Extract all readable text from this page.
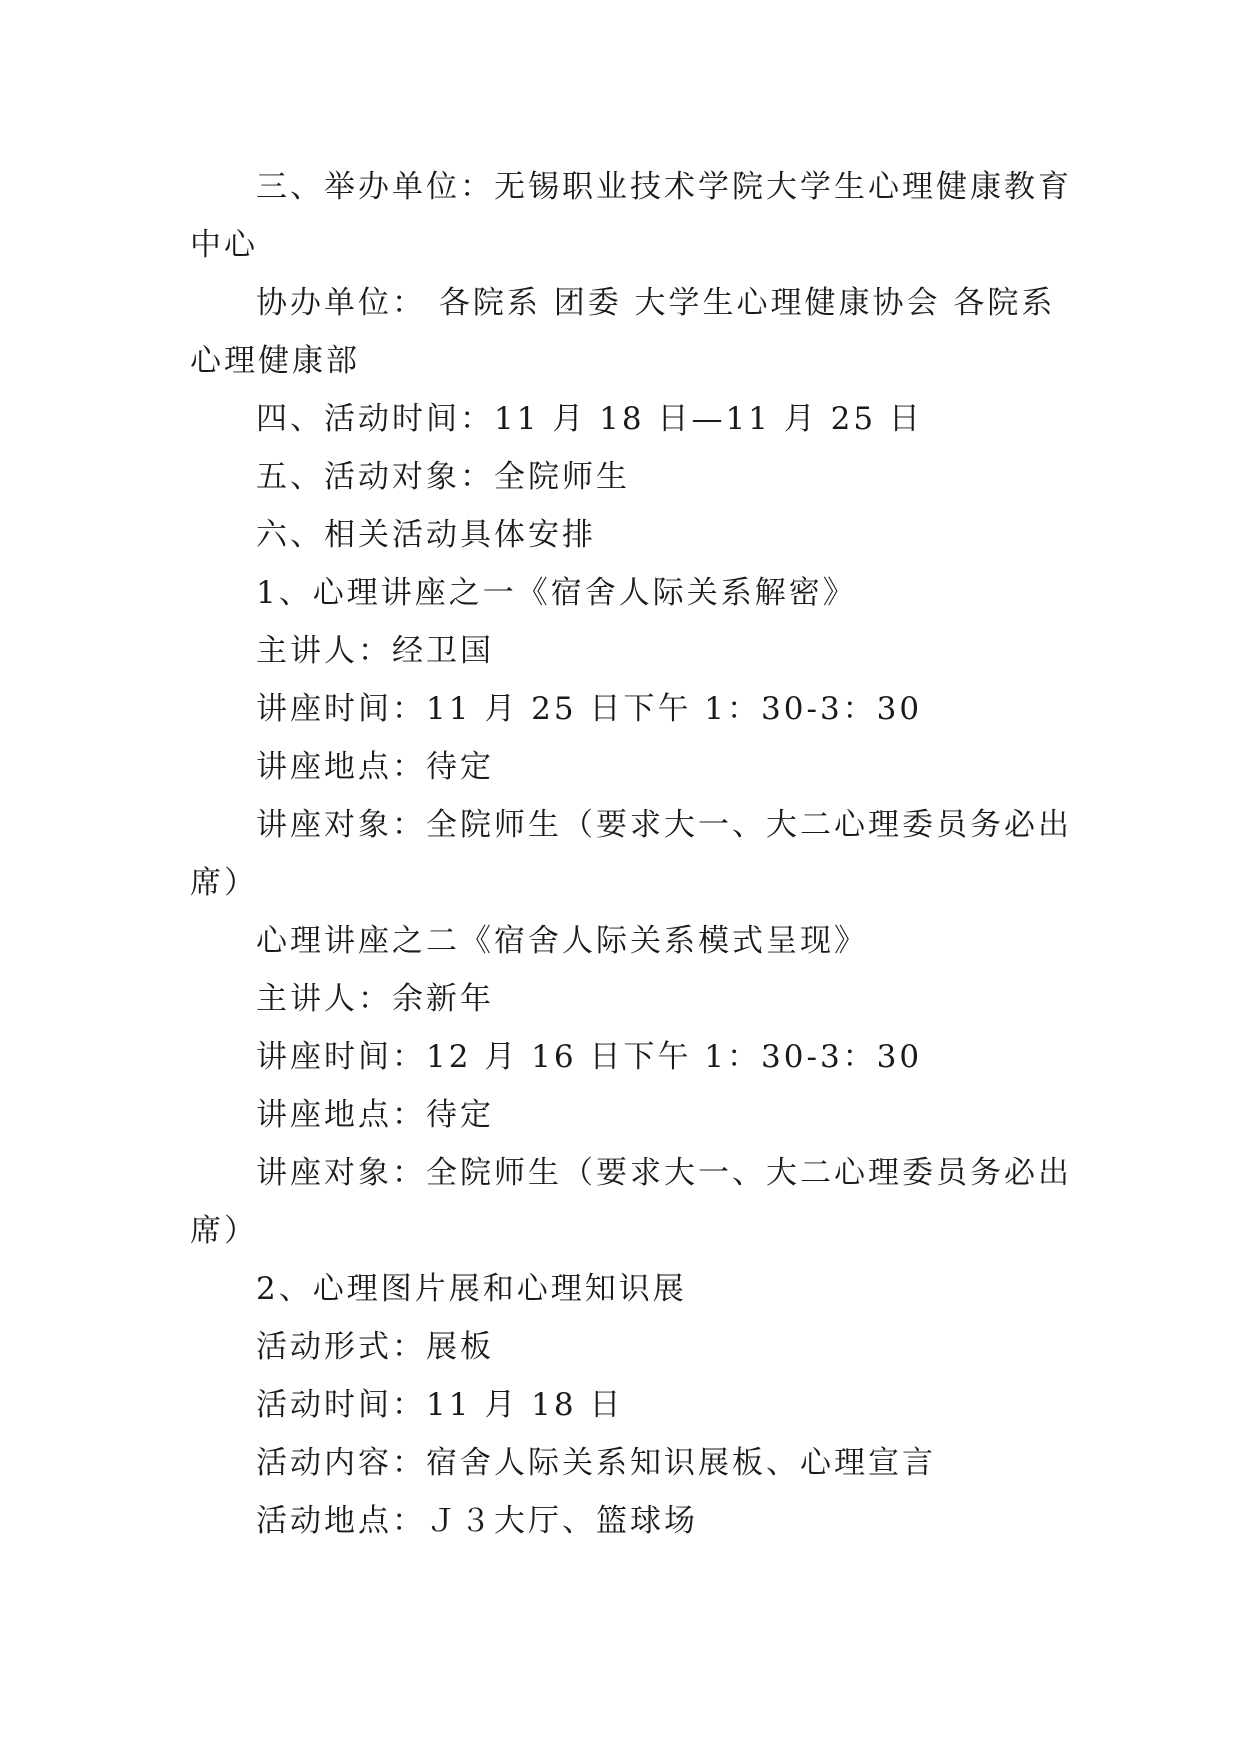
三、举办单位：无锡职业技术学院大学生心理健康教育
中心
协办单位： 各院系 团委 大学生心理健康协会 各院系
心理健康部
四、活动时间：11 月 18 日—11 月 25 日
五、活动对象：全院师生
六、相关活动具体安排
1、心理讲座之一《宿舍人际关系解密》
主讲人：经卫国
讲座时间：11 月 25 日下午 1：30-3：30
讲座地点：待定
讲座对象：全院师生（要求大一、大二心理委员务必出
席）
心理讲座之二《宿舍人际关系模式呈现》
主讲人：余新年
讲座时间：12 月 16 日下午 1：30-3：30
讲座地点：待定
讲座对象：全院师生（要求大一、大二心理委员务必出
席）
2、心理图片展和心理知识展
活动形式：展板
活动时间：11 月 18 日
活动内容：宿舍人际关系知识展板、心理宣言
活动地点：Ｊ３大厅、篮球场
